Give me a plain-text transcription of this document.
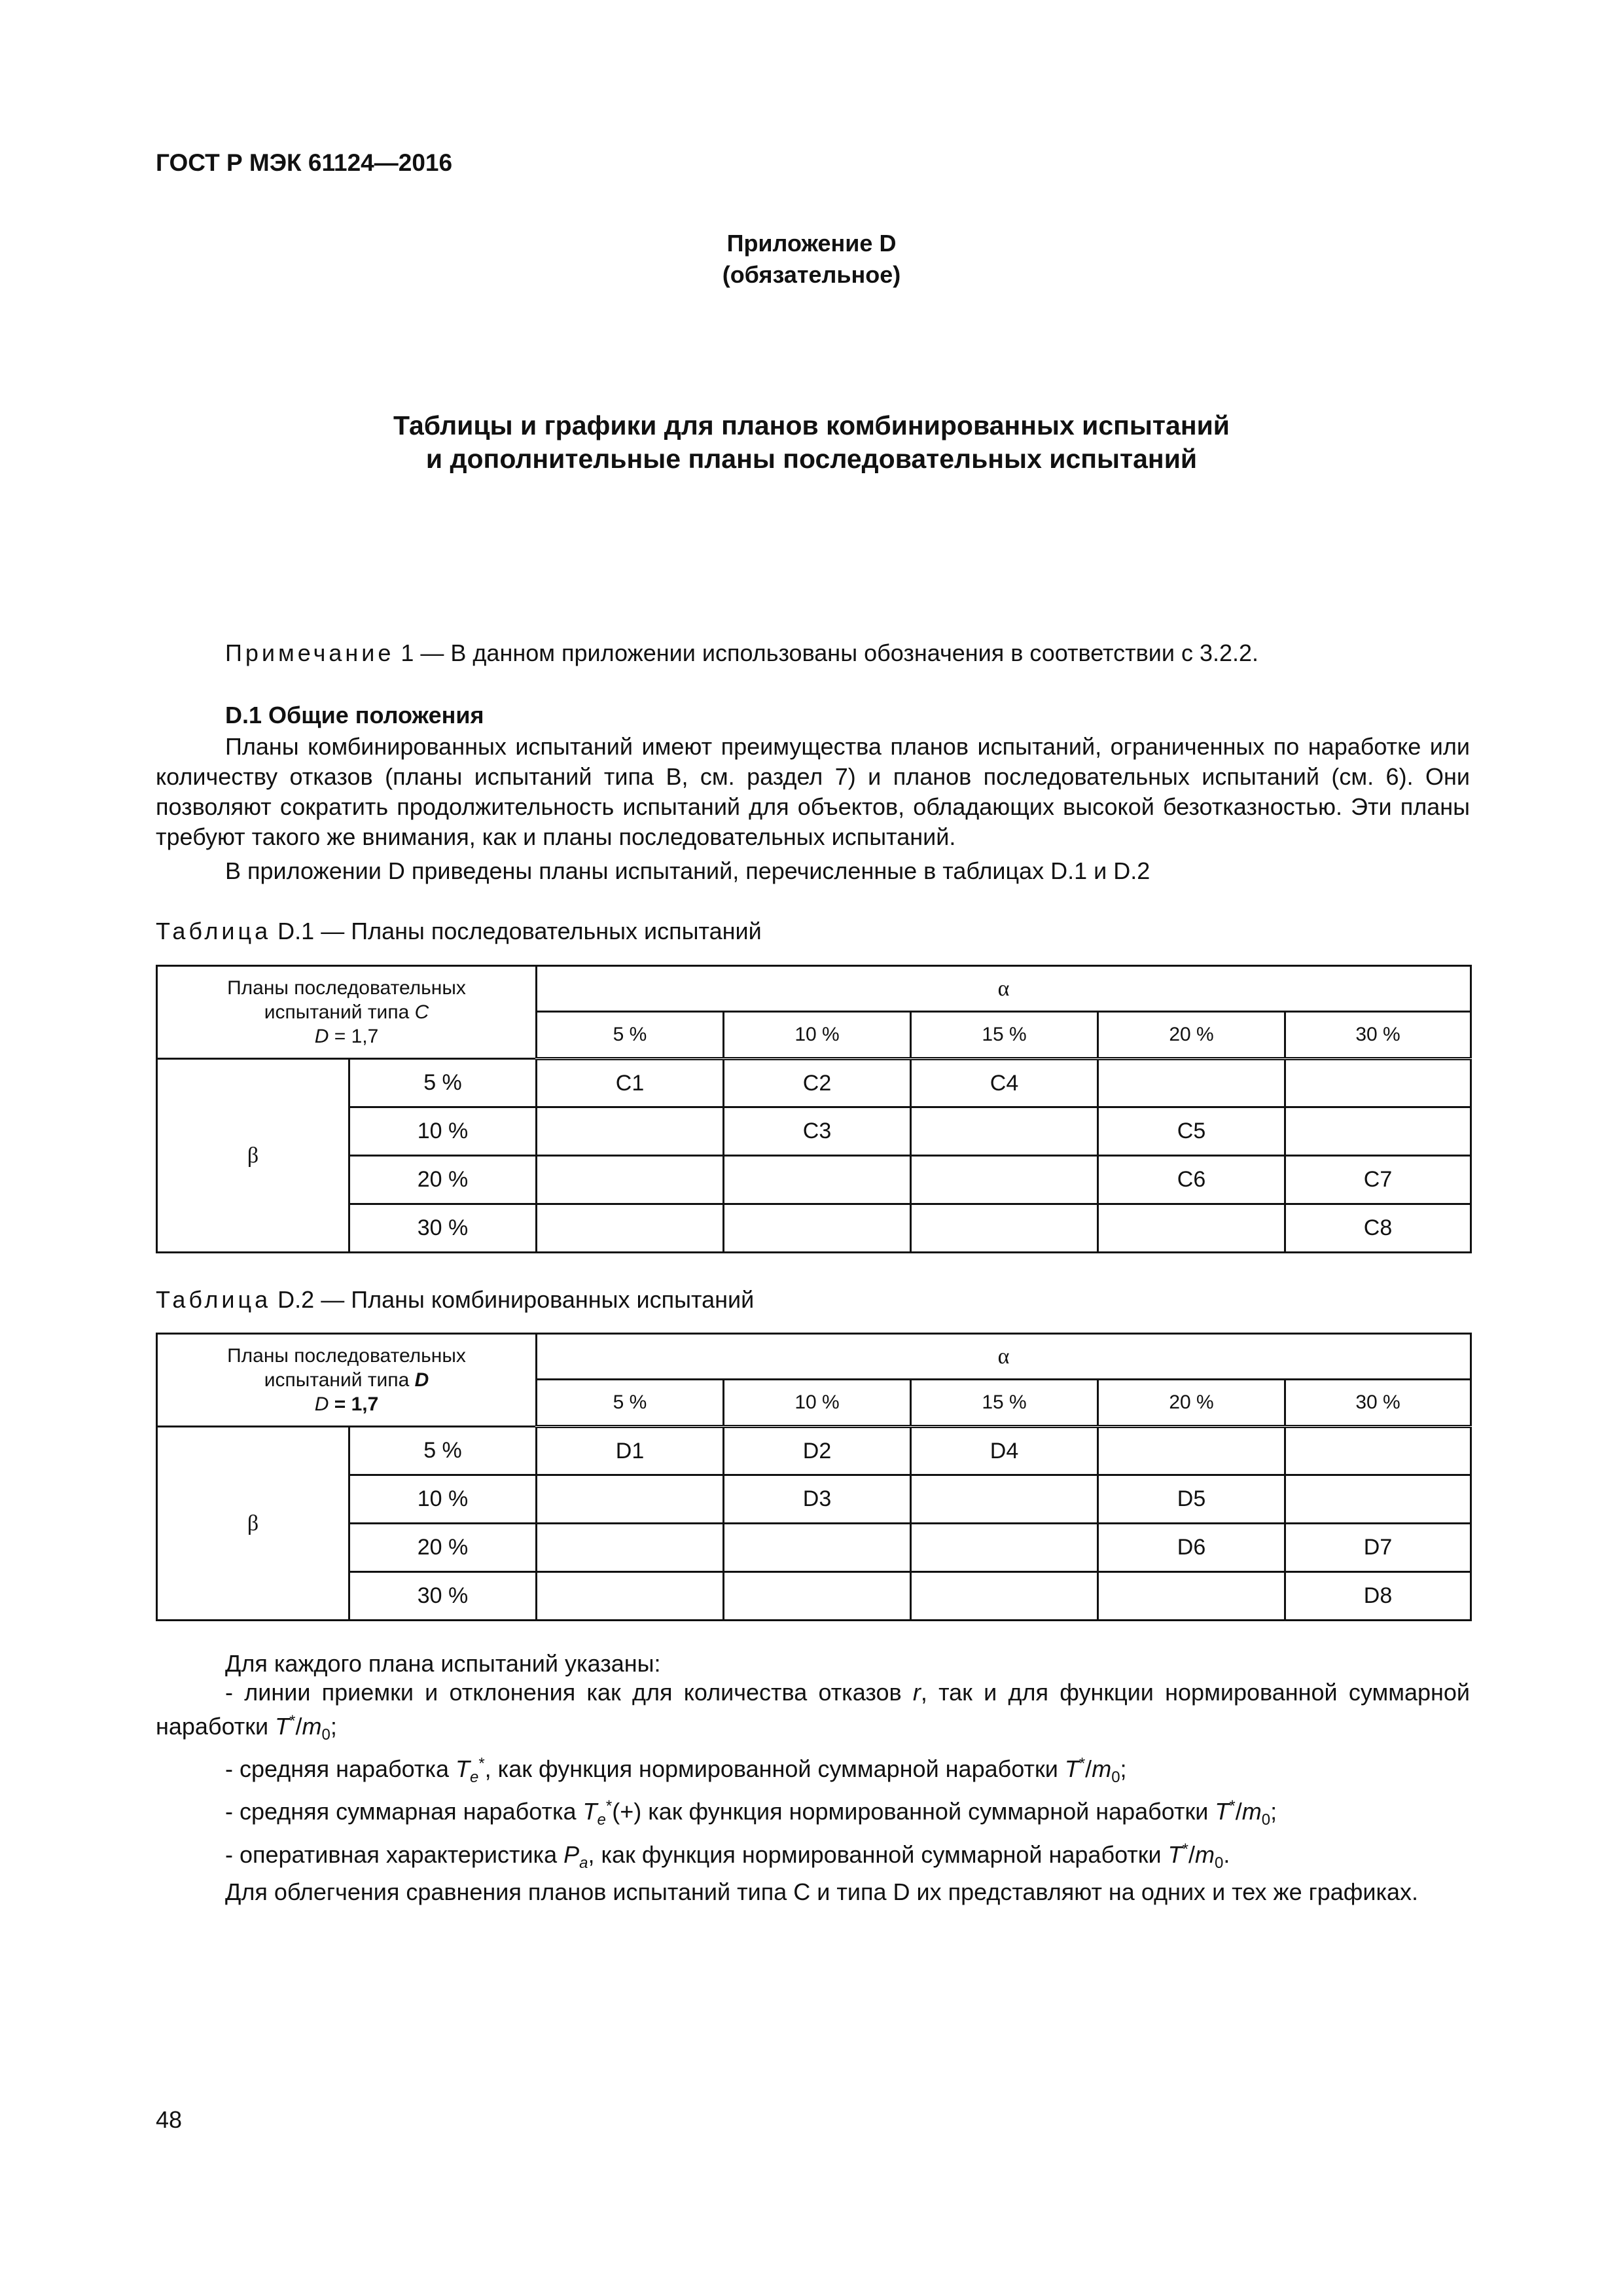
ГОСТ Р МЭК 61124—2016
Приложение D
(обязательное)
Таблицы и графики для планов комбинированных испытаний
и дополнительные планы последовательных испытаний
Примечание 1 — В данном приложении использованы обозначения в соответствии с 3.2.2.
D.1 Общие положения
Планы комбинированных испытаний имеют преимущества планов испытаний, ограниченных по наработке или количеству отказов (планы испытаний типа В, см. раздел 7) и планов последовательных испытаний (см. 6). Они позволяют сократить продолжительность испытаний для объектов, обладающих высокой безотказностью. Эти планы требуют такого же внимания, как и планы последовательных испытаний.
В приложении D приведены планы испытаний, перечисленные в таблицах D.1 и D.2
Таблица D.1 — Планы последовательных испытаний
Планы последовательных
испытаний типа C
D = 1,7		α				
		5 %	10 %	15 %	20 %	30 %
β	5 %	C1	C2	C4		
	10 %		C3		C5	
	20 %				C6	C7
	30 %					C8
Таблица D.2 — Планы комбинированных испытаний
Планы последовательных
испытаний типа D
D = 1,7		α				
		5 %	10 %	15 %	20 %	30 %
β	5 %	D1	D2	D4		
	10 %		D3		D5	
	20 %				D6	D7
	30 %					D8
Для каждого плана испытаний указаны:
- линии приемки и отклонения как для количества отказов r, так и для функции нормированной суммарной наработки $T^*/m_0$;
- средняя наработка $T_e^*$, как функция нормированной суммарной наработки $T^*/m_0$;
- средняя суммарная наработка $T_e^*(+)$ как функция нормированной суммарной наработки $T^*/m_0$;
- оперативная характеристика $P_a$, как функция нормированной суммарной наработки $T^*/m_0$.
Для облегчения сравнения планов испытаний типа С и типа D их представляют на одних и тех же графиках.
48
